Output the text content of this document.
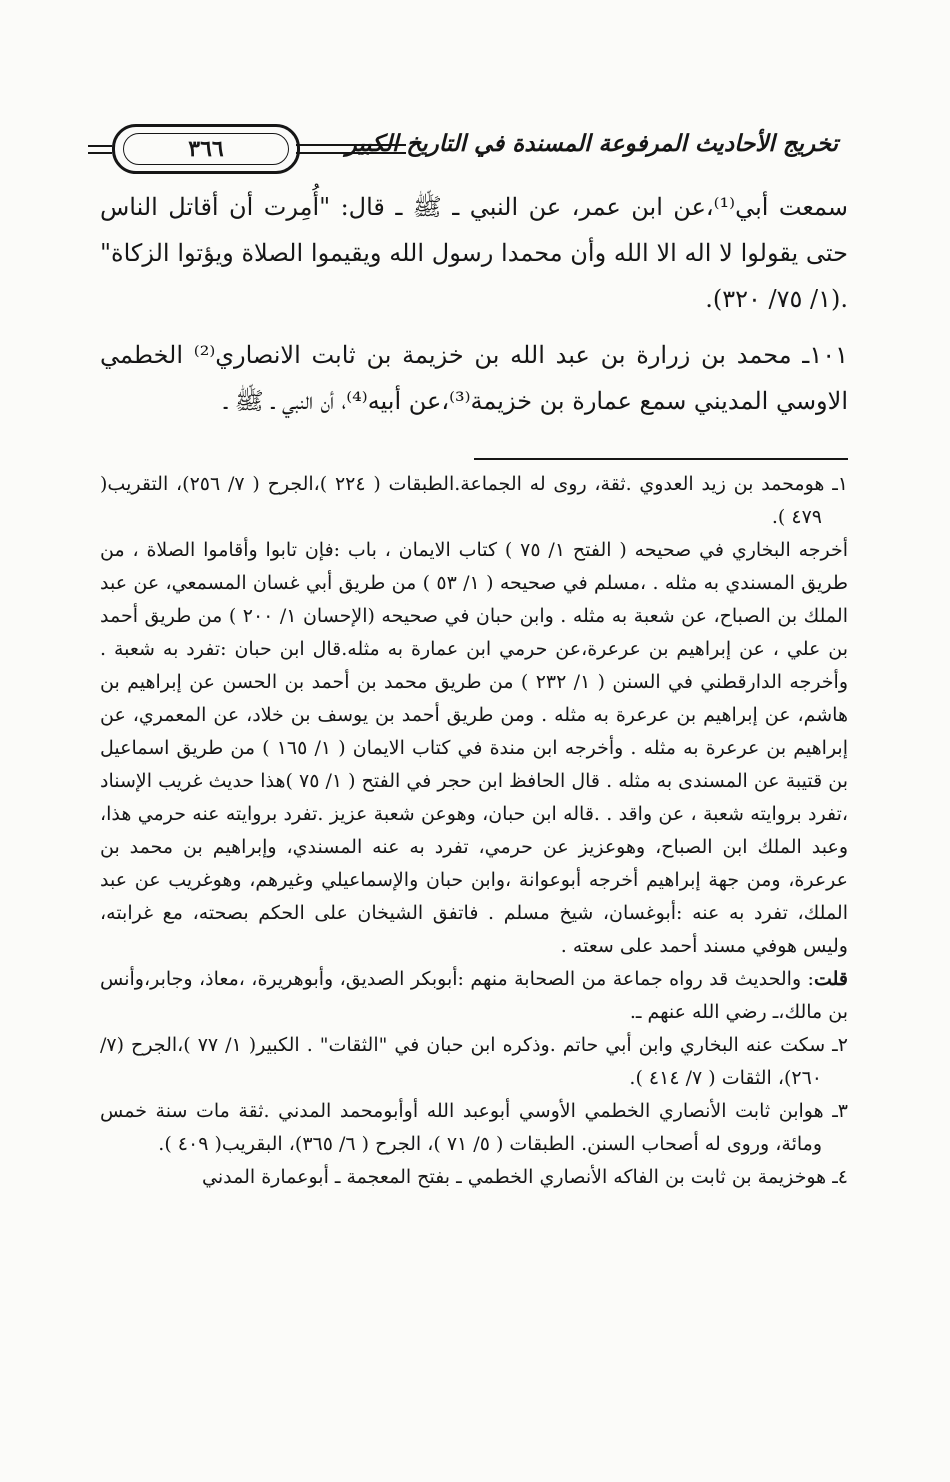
٣٦٦	تخريج الأحاديث المرفوعة المسندة في التاريخ الكبير

سمعت أبي⁽¹⁾،عن ابن عمر، عن النبي ـ ﷺ ـ قال: "أُمِرت أن أقاتل الناس حتى يقولوا لا اله الا الله وأن محمدا رسول الله ويقيموا الصلاة ويؤتوا الزكاة" .(١/ ٧٥/ ٣٢٠).

١٠١ـ محمد بن زرارة بن عبد الله بن خزيمة بن ثابت الانصاري⁽²⁾ الخطمي الاوسي المديني سمع عمارة بن خزيمة⁽³⁾،عن أبيه⁽⁴⁾، أن النبي ـ ﷺ ـ

١ـ هومحمد بن زيد العدوي .ثقة، روى له الجماعة.الطبقات ( ٢٢٤ )،الجرح ( ٧/ ٢٥٦)، التقريب( ٤٧٩ ).

أخرجه البخاري في صحيحه ( الفتح ١/ ٧٥ ) كتاب الايمان ، باب :فإن تابوا وأقاموا الصلاة ، من طريق المسندي به مثله . ،مسلم في صحيحه ( ١/ ٥٣ ) من طريق أبي غسان المسمعي، عن عبد الملك بن الصباح، عن شعبة به مثله . وابن حبان في صحيحه (الإحسان ١/ ٢٠٠ ) من طريق أحمد بن علي ، عن إبراهيم بن عرعرة،عن حرمي ابن عمارة به مثله.قال ابن حبان :تفرد به شعبة . وأخرجه الدارقطني في السنن ( ١/ ٢٣٢ ) من طريق محمد بن أحمد بن الحسن عن إبراهيم بن هاشم، عن إبراهيم بن عرعرة به مثله . ومن طريق أحمد بن يوسف بن خلاد، عن المعمري، عن إبراهيم بن عرعرة به مثله . وأخرجه ابن مندة في كتاب الايمان ( ١/ ١٦٥ ) من طريق اسماعيل بن قتيبة عن المسندى به مثله . قال الحافظ ابن حجر في الفتح ( ١/ ٧٥ )هذا حديث غريب الإسناد ،تفرد بروايته شعبة ، عن واقد . .قاله ابن حبان، وهوعن شعبة عزيز .تفرد بروايته عنه حرمي هذا، وعبد الملك ابن الصباح، وهوعزيز عن حرمي، تفرد به عنه المسندي، وإبراهيم بن محمد بن عرعرة، ومن جهة إبراهيم أخرجه أبوعوانة ،وابن حبان والإسماعيلي وغيرهم، وهوغريب عن عبد الملك، تفرد به عنه :أبوغسان، شيخ مسلم . فاتفق الشيخان على الحكم بصحته، مع غرابته، وليس هوفي مسند أحمد على سعته .

قلت: والحديث قد رواه جماعة من الصحابة منهم :أبوبكر الصديق، وأبوهريرة، ،معاذ، وجابر،وأنس بن مالك،ـ رضي الله عنهم ـ.

٢ـ سكت عنه البخاري وابن أبي حاتم .وذكره ابن حبان في "الثقات" . الكبير( ١/ ٧٧ )،الجرح (٧/ ٢٦٠)، الثقات ( ٧/ ٤١٤ ).

٣ـ هوابن ثابت الأنصاري الخطمي الأوسي أبوعبد الله أوأبومحمد المدني .ثقة مات سنة خمس ومائة، وروى له أصحاب السنن. الطبقات ( ٥/ ٧١ )، الجرح ( ٦/ ٣٦٥)، البقريب( ٤٠٩ ).

٤ـ هوخزيمة بن ثابت بن الفاكه الأنصاري الخطمي ـ بفتح المعجمة ـ أبوعمارة المدني
